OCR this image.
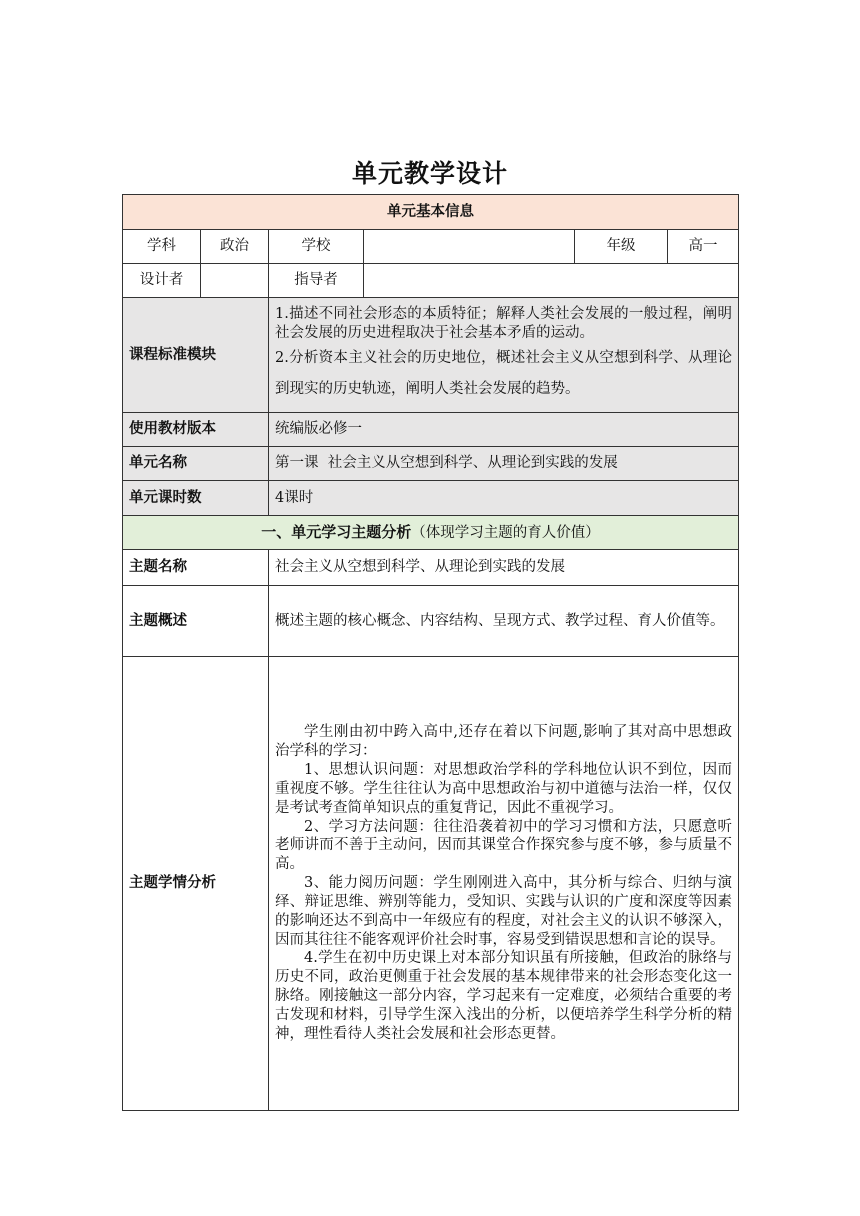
单元教学设计
单元基本信息					
学科	政治	学校		年级	高一
设计者		指导者			
课程标准模块		1.描述不同社会形态的本质特征；解释人类社会发展的一般过程，阐明社会发展的历史进程取决于社会基本矛盾的运动。

2.分析资本主义社会的历史地位，概述社会主义从空想到科学、从理论到现实的历史轨迹，阐明人类社会发展的趋势。			

使用教材版本		统编版必修一			
单元名称		第一课  社会主义从空想到科学、从理论到实践的发展			
单元课时数		4课时			
一、单元学习主题分析（体现学习主题的育人价值）					
主题名称		社会主义从空想到科学、从理论到实践的发展			
主题概述		概述主题的核心概念、内容结构、呈现方式、教学过程、育人价值等。			
主题学情分析		学生刚由初中跨入高中,还存在着以下问题,影响了其对高中思想政治学科的学习：

1、思想认识问题：对思想政治学科的学科地位认识不到位，因而重视度不够。学生往往认为高中思想政治与初中道德与法治一样，仅仅是考试考查简单知识点的重复背记，因此不重视学习。

2、学习方法问题：往往沿袭着初中的学习习惯和方法，只愿意听老师讲而不善于主动问，因而其课堂合作探究参与度不够，参与质量不高。

3、能力阅历问题：学生刚刚进入高中，其分析与综合、归纳与演绎、辩证思维、辨别等能力，受知识、实践与认识的广度和深度等因素的影响还达不到高中一年级应有的程度，对社会主义的认识不够深入，因而其往往不能客观评价社会时事，容易受到错误思想和言论的误导。

4.学生在初中历史课上对本部分知识虽有所接触，但政治的脉络与历史不同，政治更侧重于社会发展的基本规律带来的社会形态变化这一脉络。刚接触这一部分内容，学习起来有一定难度，必须结合重要的考古发现和材料，引导学生深入浅出的分析，以便培养学生科学分析的精神，理性看待人类社会发展和社会形态更替。			
